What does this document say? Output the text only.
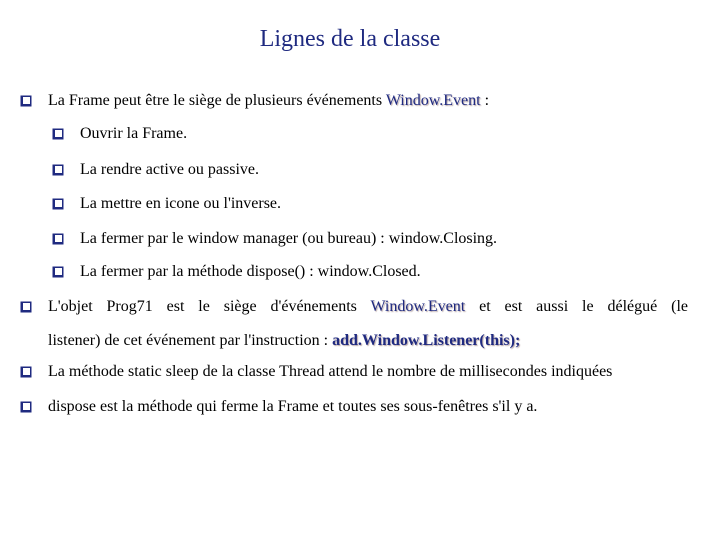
Lignes de la classe
La Frame peut être le siège de plusieurs événements Window.Event :
Ouvrir la Frame.
La rendre active ou passive.
La mettre en icone ou l'inverse.
La fermer par le window manager (ou bureau) : window.Closing.
La fermer par la méthode dispose() : window.Closed.
L'objet Prog71 est le siège d'événements Window.Event et est aussi le délégué (le
listener) de cet événement par l'instruction : add.Window.Listener(this);
La méthode static sleep de la classe Thread attend le nombre de millisecondes indiquées
dispose est la méthode qui ferme la Frame et toutes ses sous-fenêtres s'il y a.
